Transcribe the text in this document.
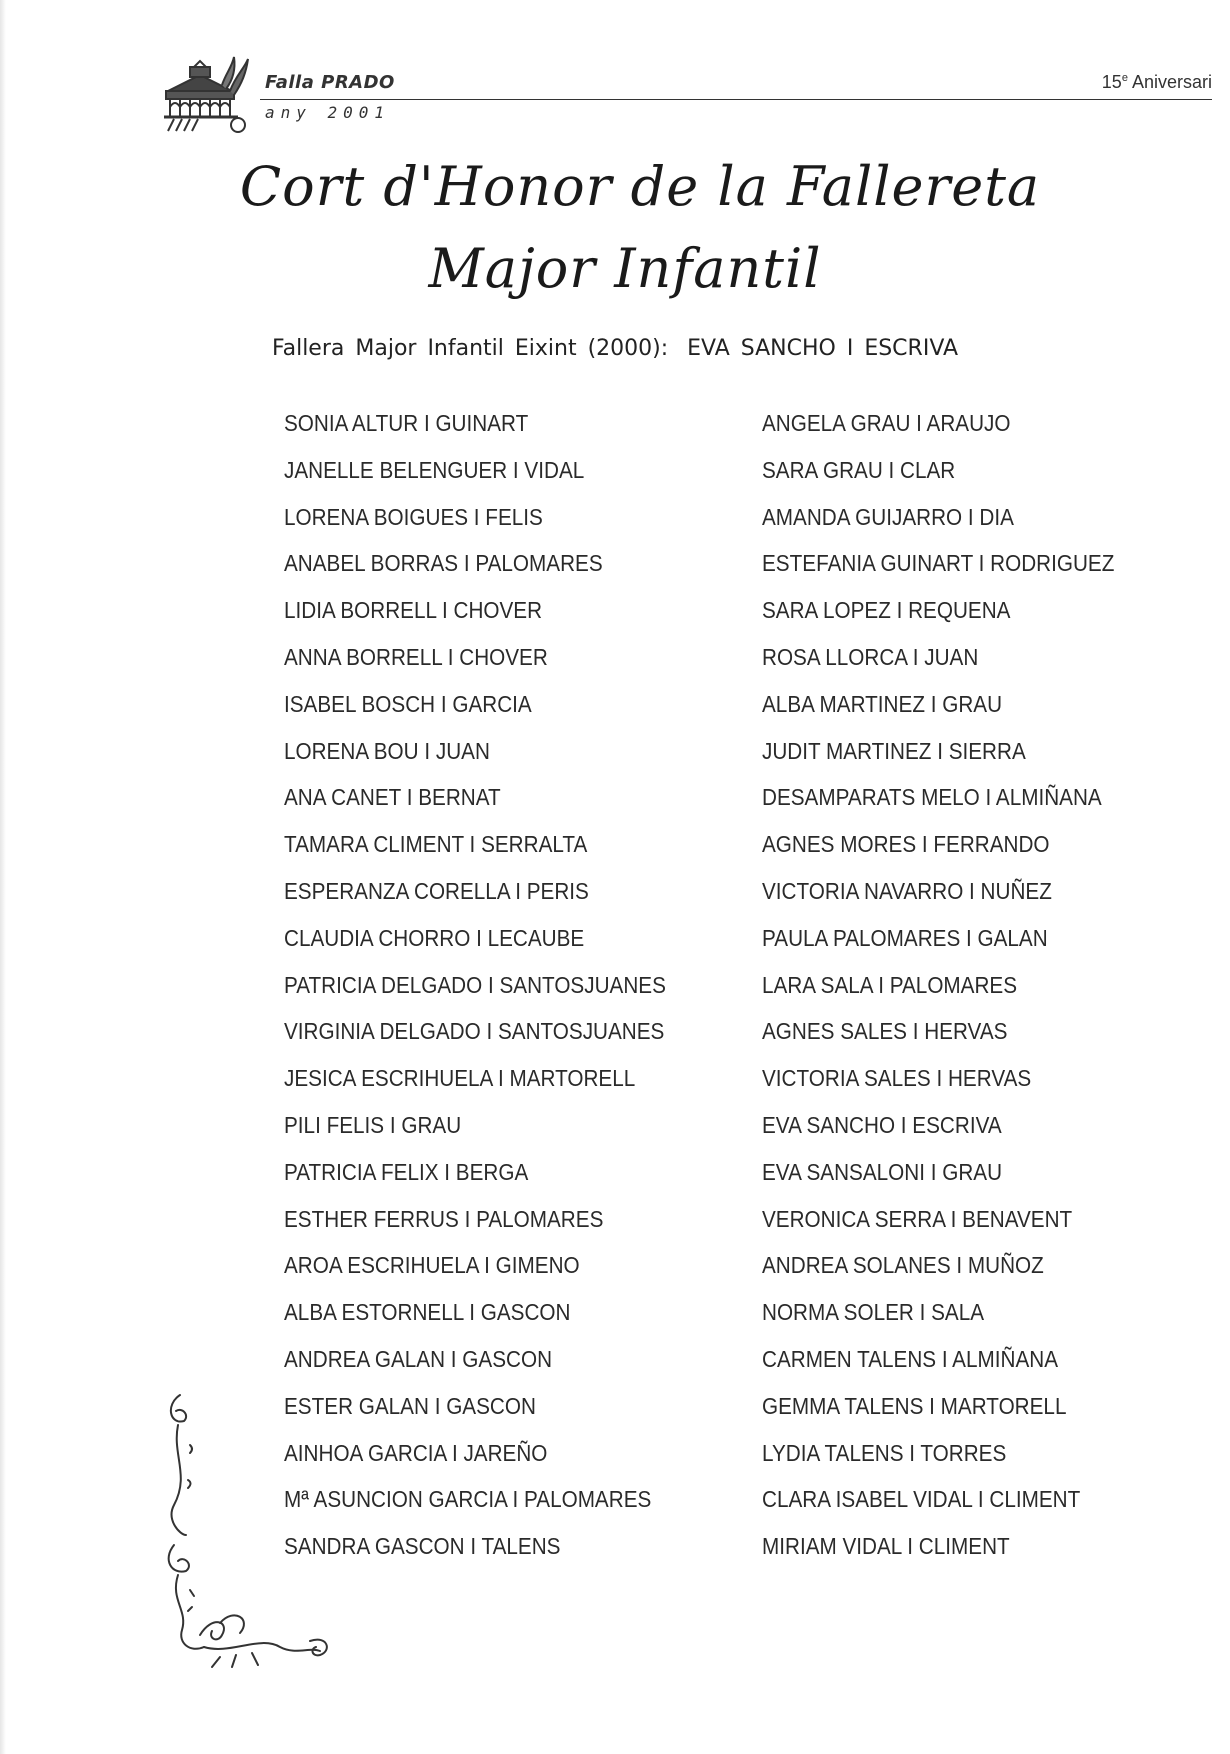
Falla PRADO
any 2001
15e Aniversari
Cort d'Honor de la Fallereta
Major Infantil
Fallera Major Infantil Eixint (2000): EVA SANCHO I ESCRIVA
SONIA ALTUR I GUINART
JANELLE BELENGUER I VIDAL
LORENA BOIGUES I FELIS
ANABEL BORRAS I PALOMARES
LIDIA BORRELL I CHOVER
ANNA BORRELL I CHOVER
ISABEL BOSCH I GARCIA
LORENA BOU I JUAN
ANA CANET I BERNAT
TAMARA CLIMENT I SERRALTA
ESPERANZA CORELLA I PERIS
CLAUDIA CHORRO I LECAUBE
PATRICIA DELGADO I SANTOSJUANES
VIRGINIA DELGADO I SANTOSJUANES
JESICA ESCRIHUELA I MARTORELL
PILI FELIS I GRAU
PATRICIA FELIX I BERGA
ESTHER FERRUS I PALOMARES
AROA ESCRIHUELA I GIMENO
ALBA ESTORNELL I GASCON
ANDREA GALAN I GASCON
ESTER GALAN I GASCON
AINHOA GARCIA I JAREÑO
Mª ASUNCION GARCIA I PALOMARES
SANDRA GASCON I TALENS
ANGELA GRAU I ARAUJO
SARA GRAU I CLAR
AMANDA GUIJARRO I DIA
ESTEFANIA GUINART I RODRIGUEZ
SARA LOPEZ I REQUENA
ROSA LLORCA I JUAN
ALBA MARTINEZ I GRAU
JUDIT MARTINEZ I SIERRA
DESAMPARATS MELO I ALMIÑANA
AGNES MORES I FERRANDO
VICTORIA NAVARRO I NUÑEZ
PAULA PALOMARES I GALAN
LARA SALA I PALOMARES
AGNES SALES I HERVAS
VICTORIA SALES I HERVAS
EVA SANCHO I ESCRIVA
EVA SANSALONI I GRAU
VERONICA SERRA I BENAVENT
ANDREA SOLANES I MUÑOZ
NORMA SOLER I SALA
CARMEN TALENS I ALMIÑANA
GEMMA TALENS I MARTORELL
LYDIA TALENS I TORRES
CLARA ISABEL VIDAL I CLIMENT
MIRIAM VIDAL I CLIMENT
